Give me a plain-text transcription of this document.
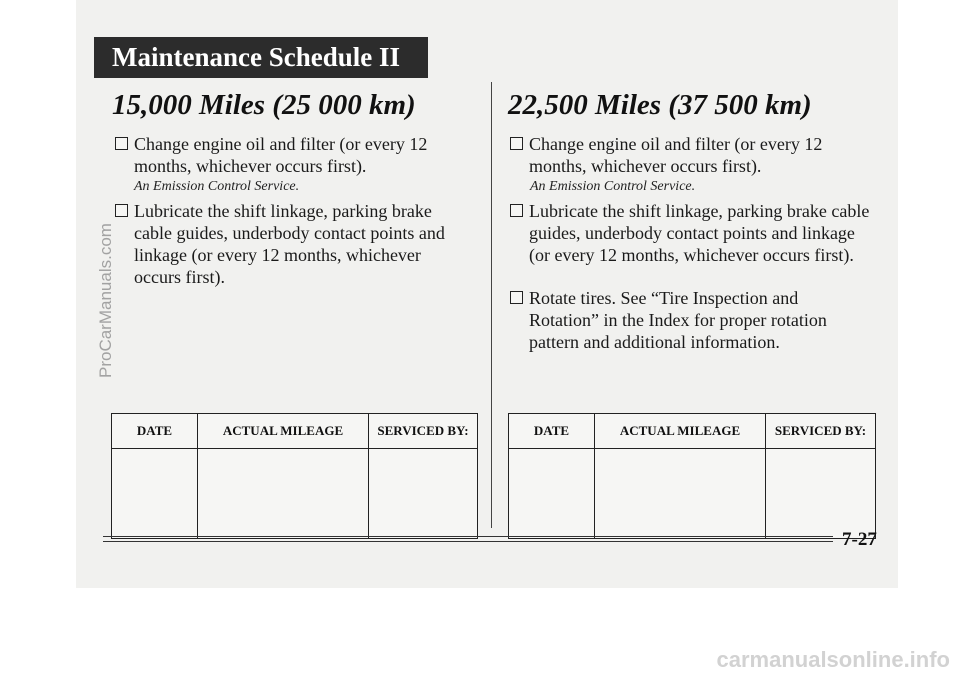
Maintenance Schedule II
15,000 Miles (25 000 km)
Change engine oil and filter (or every 12 months, whichever occurs first).
An Emission Control Service.
Lubricate the shift linkage, parking brake cable guides, underbody contact points and linkage (or every 12 months, whichever occurs first).
DATE	ACTUAL MILEAGE	SERVICED BY:

22,500 Miles (37 500 km)
Change engine oil and filter (or every 12 months, whichever occurs first).
An Emission Control Service.
Lubricate the shift linkage, parking brake cable guides, underbody contact points and linkage (or every 12 months, whichever occurs first).
Rotate tires. See “Tire Inspection and Rotation” in the Index for proper rotation pattern and additional information.
DATE	ACTUAL MILEAGE	SERVICED BY:

7-27
ProCarManuals.com
carmanualsonline.info
